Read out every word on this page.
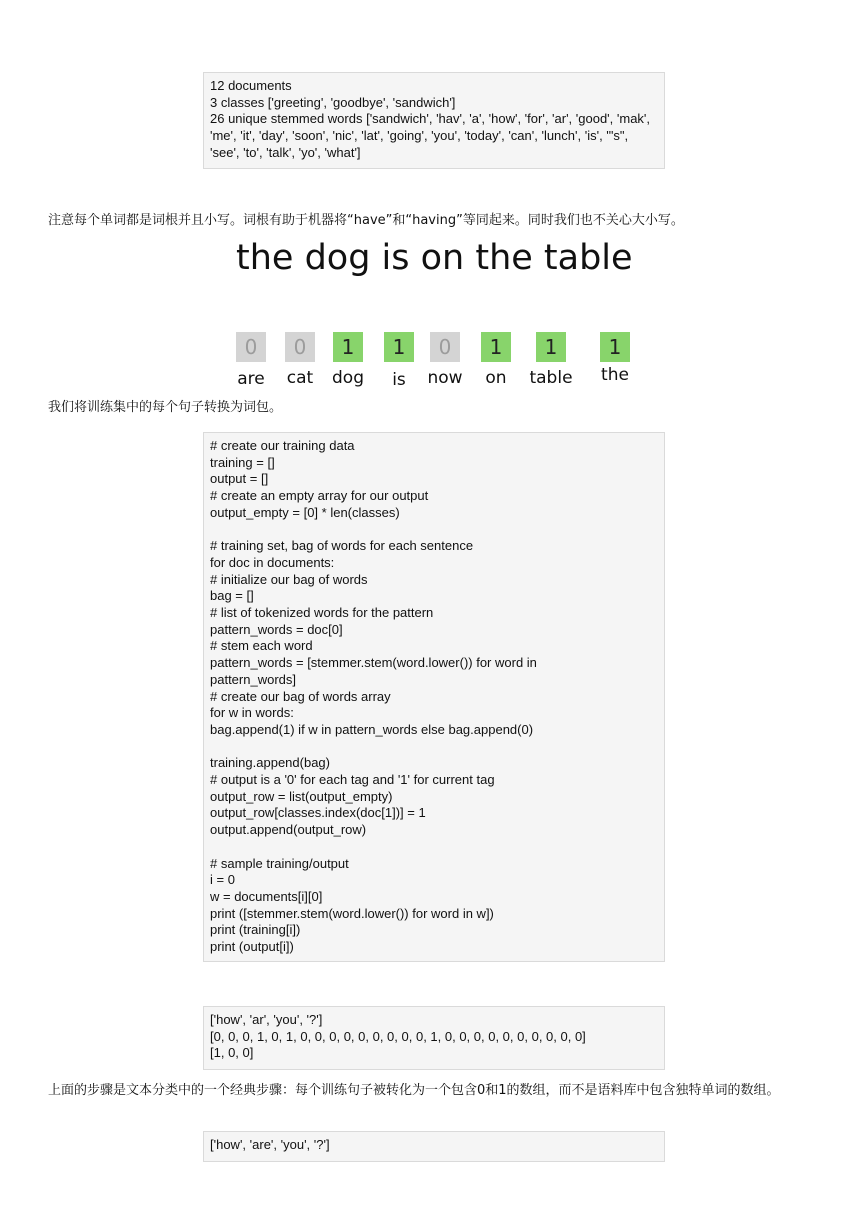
12 documents
3 classes ['greeting', 'goodbye', 'sandwich']
26 unique stemmed words ['sandwich', 'hav', 'a', 'how', 'for', 'ar', 'good', 'mak', 'me', 'it', 'day', 'soon', 'nic', 'lat', 'going', 'you', 'today', 'can', 'lunch', 'is', '"s", 'see', 'to', 'talk', 'yo', 'what']
注意每个单词都是词根并且小写。词根有助于机器将“have”和“having”等同起来。同时我们也不关心大小写。
the dog is on the table
0	0	1	1	0	1	1	1
are	cat	dog	is	now	on	table	the
我们将训练集中的每个句子转换为词包。
# create our training data
training = []
output = []
# create an empty array for our output
output_empty = [0] * len(classes)
# training set, bag of words for each sentence
for doc in documents:
# initialize our bag of words
bag = []
# list of tokenized words for the pattern
pattern_words = doc[0]
# stem each word
pattern_words = [stemmer.stem(word.lower()) for word in
pattern_words]
# create our bag of words array
for w in words:
bag.append(1) if w in pattern_words else bag.append(0)
training.append(bag)
# output is a '0' for each tag and '1' for current tag
output_row = list(output_empty)
output_row[classes.index(doc[1])] = 1
output.append(output_row)
# sample training/output
i = 0
w = documents[i][0]
print ([stemmer.stem(word.lower()) for word in w])
print (training[i])
print (output[i])
['how', 'ar', 'you', '?']
[0, 0, 0, 1, 0, 1, 0, 0, 0, 0, 0, 0, 0, 0, 0, 1, 0, 0, 0, 0, 0, 0, 0, 0, 0, 0]
[1, 0, 0]
上面的步骤是文本分类中的一个经典步骤：每个训练句子被转化为一个包含0和1的数组，而不是语料库中包含独特单词的数组。
['how', 'are', 'you', '?']
